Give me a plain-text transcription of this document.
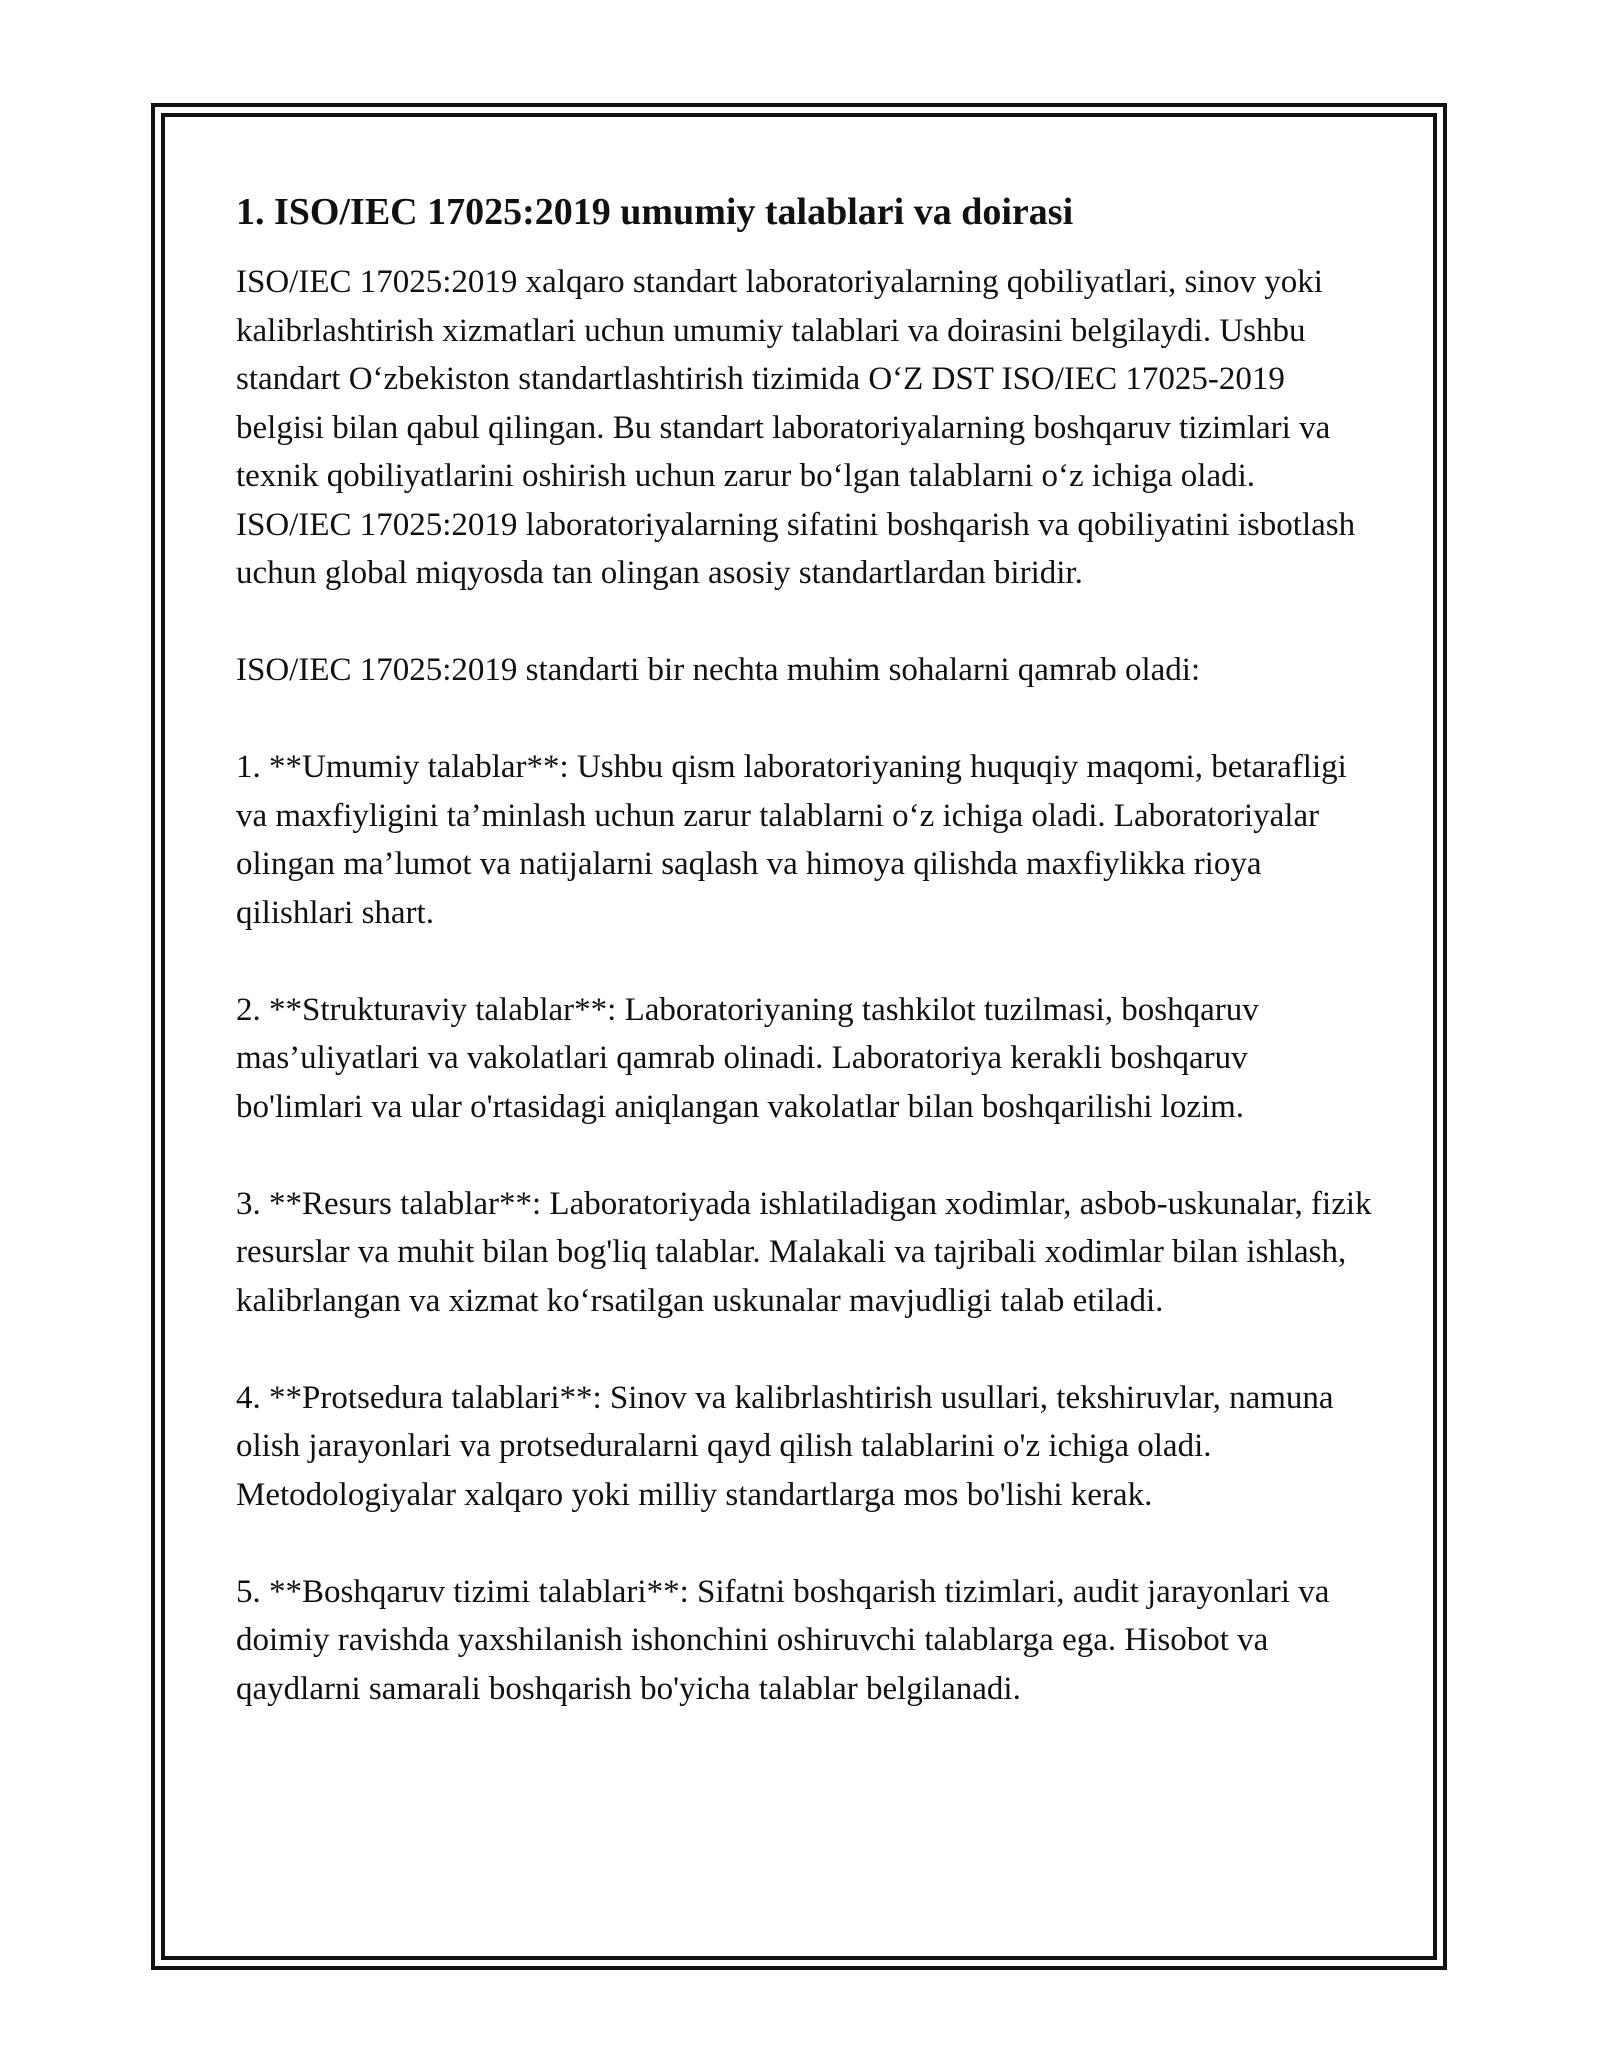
1. ISO/IEC 17025:2019 umumiy talablari va doirasi

ISO/IEC 17025:2019 xalqaro standart laboratoriyalarning qobiliyatlari, sinov yoki kalibrlashtirish xizmatlari uchun umumiy talablari va doirasini belgilaydi. Ushbu standart O‘zbekiston standartlashtirish tizimida O‘Z DST ISO/IEC 17025-2019 belgisi bilan qabul qilingan. Bu standart laboratoriyalarning boshqaruv tizimlari va texnik qobiliyatlarini oshirish uchun zarur bo‘lgan talablarni o‘z ichiga oladi. ISO/IEC 17025:2019 laboratoriyalarning sifatini boshqarish va qobiliyatini isbotlash uchun global miqyosda tan olingan asosiy standartlardan biridir.

ISO/IEC 17025:2019 standarti bir nechta muhim sohalarni qamrab oladi:

1. **Umumiy talablar**: Ushbu qism laboratoriyaning huquqiy maqomi, betarafligi va maxfiyligini ta’minlash uchun zarur talablarni o‘z ichiga oladi. Laboratoriyalar olingan ma’lumot va natijalarni saqlash va himoya qilishda maxfiylikka rioya qilishlari shart.

2. **Strukturaviy talablar**: Laboratoriyaning tashkilot tuzilmasi, boshqaruv mas’uliyatlari va vakolatlari qamrab olinadi. Laboratoriya kerakli boshqaruv bo'limlari va ular o'rtasidagi aniqlangan vakolatlar bilan boshqarilishi lozim.

3. **Resurs talablar**: Laboratoriyada ishlatiladigan xodimlar, asbob-uskunalar, fizik resurslar va muhit bilan bog'liq talablar. Malakali va tajribali xodimlar bilan ishlash, kalibrlangan va xizmat ko‘rsatilgan uskunalar mavjudligi talab etiladi.

4. **Protsedura talablari**: Sinov va kalibrlashtirish usullari, tekshiruvlar, namuna olish jarayonlari va protseduralarni qayd qilish talablarini o'z ichiga oladi. Metodologiyalar xalqaro yoki milliy standartlarga mos bo'lishi kerak.

5. **Boshqaruv tizimi talablari**: Sifatni boshqarish tizimlari, audit jarayonlari va doimiy ravishda yaxshilanish ishonchini oshiruvchi talablarga ega. Hisobot va qaydlarni samarali boshqarish bo'yicha talablar belgilanadi.
